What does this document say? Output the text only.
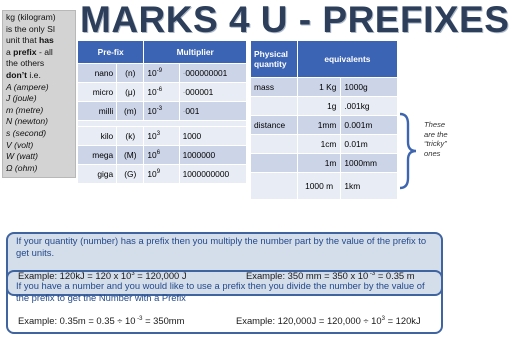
kg (kilogram)
is the only SI
unit that has
a prefix - all
the others
don’t i.e.
A (ampere)
J (joule)
m (metre)
N (newton)
s (second)
V (volt)
W (watt)
Ω (ohm)
MARKS 4 U - PREFIXES
Pre-fix		Multiplier	
nano	(n)	$10^{-9}$	·000000001
micro	(μ)	$10^{-6}$	·000001
milli	(m)	$10^{-3}$	·001

kilo	(k)	$10^3$	1000
mega	(M)	$10^6$	1000000
giga	(G)	$10^9$	1000000000
Physical quantity	equivalents	
mass	1 Kg	1000g
	1g	.001kg
distance	1mm	0.001m
	1cm	0.01m
	1m	1000mm
	1000 m	1km
These are the “tricky” ones
If your quantity (number) has a prefix then you multiply the number part by the value of the prefix to get units.
Example: 120kJ = 120 x $10^3 = 120,000$ J	Example: 350 mm = 350 x 10 $^{-3}$ = 0.35 m
If you have a number and you would like to use a prefix then you divide the number by the value of the prefix to get the Number with a Prefix
Example: 0.35m = 0.35 ÷ 10 $^{-3}$ = 350mm	Example: $120,000J = 120,000 \div 10^3 = 120kJ$
